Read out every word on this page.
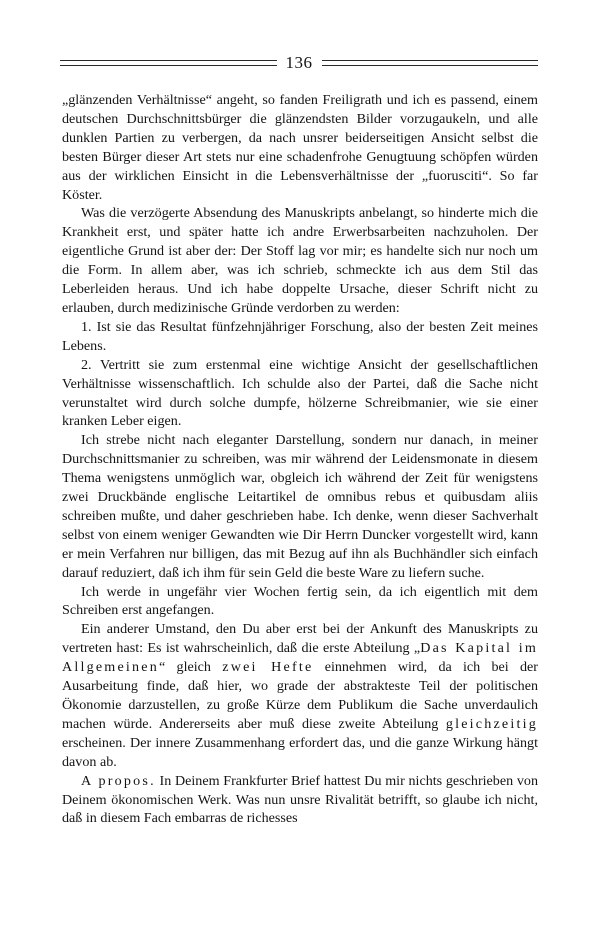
136

„glänzenden Verhältnisse“ angeht, so fanden Freiligrath und ich es passend, einem deutschen Durchschnittsbürger die glänzendsten Bilder vorzugaukeln, und alle dunklen Partien zu verbergen, da nach unsrer beiderseitigen Ansicht selbst die besten Bürger dieser Art stets nur eine schadenfrohe Genugtuung schöpfen würden aus der wirklichen Einsicht in die Lebensverhältnisse der „fuorusciti“. So far Köster.

Was die verzögerte Absendung des Manuskripts anbelangt, so hinderte mich die Krankheit erst, und später hatte ich andre Erwerbsarbeiten nachzuholen. Der eigentliche Grund ist aber der: Der Stoff lag vor mir; es handelte sich nur noch um die Form. In allem aber, was ich schrieb, schmeckte ich aus dem Stil das Leberleiden heraus. Und ich habe doppelte Ursache, dieser Schrift nicht zu erlauben, durch medizinische Gründe verdorben zu werden:

1. Ist sie das Resultat fünfzehnjähriger Forschung, also der besten Zeit meines Lebens.

2. Vertritt sie zum erstenmal eine wichtige Ansicht der gesellschaftlichen Verhältnisse wissenschaftlich. Ich schulde also der Partei, daß die Sache nicht verunstaltet wird durch solche dumpfe, hölzerne Schreibmanier, wie sie einer kranken Leber eigen.

Ich strebe nicht nach eleganter Darstellung, sondern nur danach, in meiner Durchschnittsmanier zu schreiben, was mir während der Leidensmonate in diesem Thema wenigstens unmöglich war, obgleich ich während der Zeit für wenigstens zwei Druckbände englische Leitartikel de omnibus rebus et quibusdam aliis schreiben mußte, und daher geschrieben habe. Ich denke, wenn dieser Sachverhalt selbst von einem weniger Gewandten wie Dir Herrn Duncker vorgestellt wird, kann er mein Verfahren nur billigen, das mit Bezug auf ihn als Buchhändler sich einfach darauf reduziert, daß ich ihm für sein Geld die beste Ware zu liefern suche.

Ich werde in ungefähr vier Wochen fertig sein, da ich eigentlich mit dem Schreiben erst angefangen.

Ein anderer Umstand, den Du aber erst bei der Ankunft des Manuskripts zu vertreten hast: Es ist wahrscheinlich, daß die erste Abteilung „Das Kapital im Allgemeinen“ gleich zwei Hefte einnehmen wird, da ich bei der Ausarbeitung finde, daß hier, wo grade der abstrakteste Teil der politischen Ökonomie darzustellen, zu große Kürze dem Publikum die Sache unverdaulich machen würde. Andererseits aber muß diese zweite Abteilung gleichzeitig erscheinen. Der innere Zusammenhang erfordert das, und die ganze Wirkung hängt davon ab.

A propos. In Deinem Frankfurter Brief hattest Du mir nichts geschrieben von Deinem ökonomischen Werk. Was nun unsre Rivalität betrifft, so glaube ich nicht, daß in diesem Fach embarras de richesses
